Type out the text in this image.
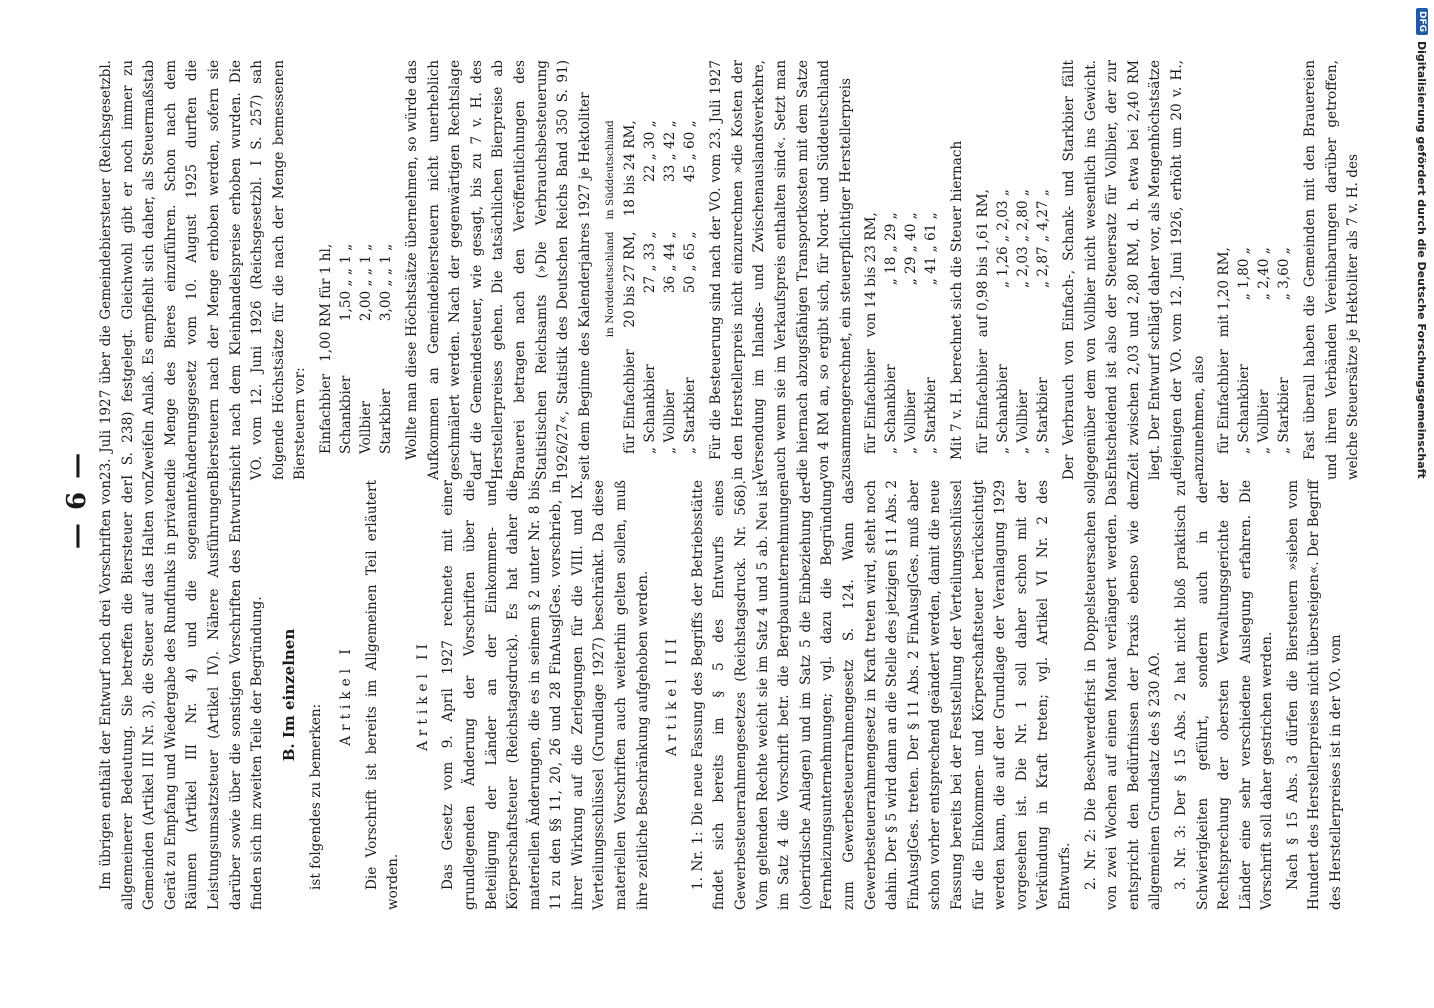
— 6 — Im übrigen enthält der Entwurf noch drei Vorschriften von allgemeinerer Bedeutung. Sie betreffen die Biersteuer der Gemeinden (Artikel III Nr. 3), die Steuer auf das Halten von Gerät zu Empfang und Wiedergabe des Rundfunks in privaten Räumen (Artikel III Nr. 4) und die sogenannte Leistungsumsatzsteuer (Artikel IV). Nähere Ausführungen darüber sowie über die sonstigen Vorschriften des Entwurfs finden sich im zweiten Teile der Begründung. B. Im einzelnen

ist folgendes zu bemerken:

Artikel I Die Vorschrift ist bereits im Allgemeinen Teil erläutert worden.

Artikel II Das Gesetz vom 9. April 1927 rechnete mit einer grundlegenden Änderung der Vorschriften über die Beteiligung der Länder an der Einkommen- und Körperschaftsteuer (Reichstagsdruck). Es hat daher die materiellen Änderungen, die es in seinem § 2 unter Nr. 8 bis 11 zu den §§ 11, 20, 26 und 28 FinAusglGes. vorschrieb, in ihrer Wirkung auf die Zerlegungen für die VIII. und IX. Verteilungsschlüssel (Grundlage 1927) beschränkt. Da diese materiellen Vorschriften auch weiterhin gelten sollen, muß ihre zeitliche Beschränkung aufgehoben werden. Artikel III 1. Nr. 1: Die neue Fassung des Begriffs der Betriebsstätte findet sich bereits im § 5 des Entwurfs eines Gewerbesteuerrahmengesetzes (Reichstagsdruck. Nr. 568). Vom geltenden Rechte weicht sie im Satz 4 und 5 ab. Neu ist im Satz 4 die Vorschrift betr. die Bergbauunternehmungen (oberirdische Anlagen) und im Satz 5 die Einbeziehung der Fernheizungsunternehmungen; vgl. dazu die Begründung zum Gewerbesteuerrahmengesetz S. 124. Wann das Gewerbesteuerrahmengesetz in Kraft treten wird, steht noch dahin. Der § 5 wird dann an die Stelle des jetzigen § 11 Abs. 2 FinAusglGes. treten. Der § 11 Abs. 2 FinAusglGes. muß aber schon vorher entsprechend geändert werden, damit die neue Fassung bereits bei der Feststellung der Verteilungsschlüssel für die Einkommen- und Körperschaftsteuer berücksichtigt werden kann, die auf der Grundlage der Veranlagung 1929 vorgesehen ist. Die Nr. 1 soll daher schon mit der Verkündung in Kraft treten; vgl. Artikel VI Nr. 2 des Entwurfs. 2. Nr. 2: Die Beschwerdefrist in Doppelsteuersachen soll von zwei Wochen auf einen Monat verlängert werden. Das entspricht den Bedürfnissen der Praxis ebenso wie dem allgemeinen Grundsatz des § 230 AO. 3. Nr. 3: Der § 15 Abs. 2 hat nicht bloß praktisch zu Schwierigkeiten geführt, sondern auch in der Rechtsprechung der obersten Verwaltungsgerichte der Länder eine sehr verschiedene Auslegung erfahren. Die Vorschrift soll daher gestrichen werden. Nach § 15 Abs. 3 dürfen die Biersteuern »sieben vom Hundert des Herstellerpreises nicht übersteigen«. Der Begriff des Herstellerpreises ist in der VO. vom

23. Juli 1927 über die Gemeindebiersteuer (Reichsgesetzbl. I S. 238) festgelegt. Gleichwohl gibt er noch immer zu Zweifeln Anlaß. Es empfiehlt sich daher, als Steuermaßstab die Menge des Bieres einzuführen. Schon nach dem Änderungsgesetz vom 10. August 1925 durften die Biersteuern nach der Menge erhoben werden, sofern sie nicht nach dem Kleinhandelspreise erhoben wurden. Die VO. vom 12. Juni 1926 (Reichsgesetzbl. I S. 257) sah folgende Höchstsätze für die nach der Menge bemessenen Biersteuern vor: Einfachbier	1,00 RM für 1 hl,
Schankbier	1,50 „ „ 1 „
Vollbier	2,00 „ „ 1 „
Starkbier	3,00 „ „ 1 „ Wollte man diese Höchstsätze übernehmen, so würde das Aufkommen an Gemeindebiersteuern nicht unerheblich geschmälert werden. Nach der gegenwärtigen Rechtslage darf die Gemeindesteuer, wie gesagt, bis zu 7 v. H. des Herstellerpreises gehen. Die tatsächlichen Bierpreise ab Brauerei betragen nach den Veröffentlichungen des Statistischen Reichsamts (»Die Verbrauchsbesteuerung 1926/27«, Statistik des Deutschen Reichs Band 350 S. 91) seit dem Beginne des Kalenderjahres 1927 je Hektoliter

		in Norddeutschland	in Süddeutschland
für Einfachbier	20 bis 27 RM,	18 bis 24 RM,
„ Schankbier	27 „ 33 „	22 „ 30 „
„ Vollbier	36 „ 44 „	33 „ 42 „
„ Starkbier	50 „ 65 „	45 „ 60 „ Für die Besteuerung sind nach der VO. vom 23. Juli 1927 in den Herstellerpreis nicht einzurechnen »die Kosten der Versendung im Inlands- und Zwischenauslandsverkehre, auch wenn sie im Verkaufspreis enthalten sind«. Setzt man die hiernach abzugsfähigen Transportkosten mit dem Satze von 4 RM an, so ergibt sich, für Nord- und Süddeutschland zusammengerechnet, ein steuerpflichtiger Herstellerpreis für Einfachbier	von 14 bis 23 RM,
„ Schankbier	„ 18 „ 29 „
„ Vollbier	„ 29 „ 40 „
„ Starkbier	„ 41 „ 61 „ Mit 7 v. H. berechnet sich die Steuer hiernach für Einfachbier	auf 0,98 bis 1,61 RM,
„ Schankbier	„ 1,26 „ 2,03 „
„ Vollbier	„ 2,03 „ 2,80 „
„ Starkbier	„ 2,87 „ 4,27 „ Der Verbrauch von Einfach-, Schank- und Starkbier fällt gegenüber dem von Vollbier nicht wesentlich ins Gewicht. Entscheidend ist also der Steuersatz für Vollbier, der zur Zeit zwischen 2,03 und 2,80 RM, d. h. etwa bei 2,40 RM liegt. Der Entwurf schlägt daher vor, als Mengenhöchstsätze diejenigen der VO. vom 12. Juni 1926, erhöht um 20 v. H., anzunehmen, also für Einfachbier	mit 1,20 RM,
„ Schankbier	„ 1,80 „
„ Vollbier	„ 2,40 „
„ Starkbier	„ 3,60 „ Fast überall haben die Gemeinden mit den Brauereien und ihren Verbänden Vereinbarungen darüber getroffen, welche Steuersätze je Hektoliter als 7 v. H. des

DFG
Digitalisierung gefördert durch die Deutsche Forschungsgemeinschaft
